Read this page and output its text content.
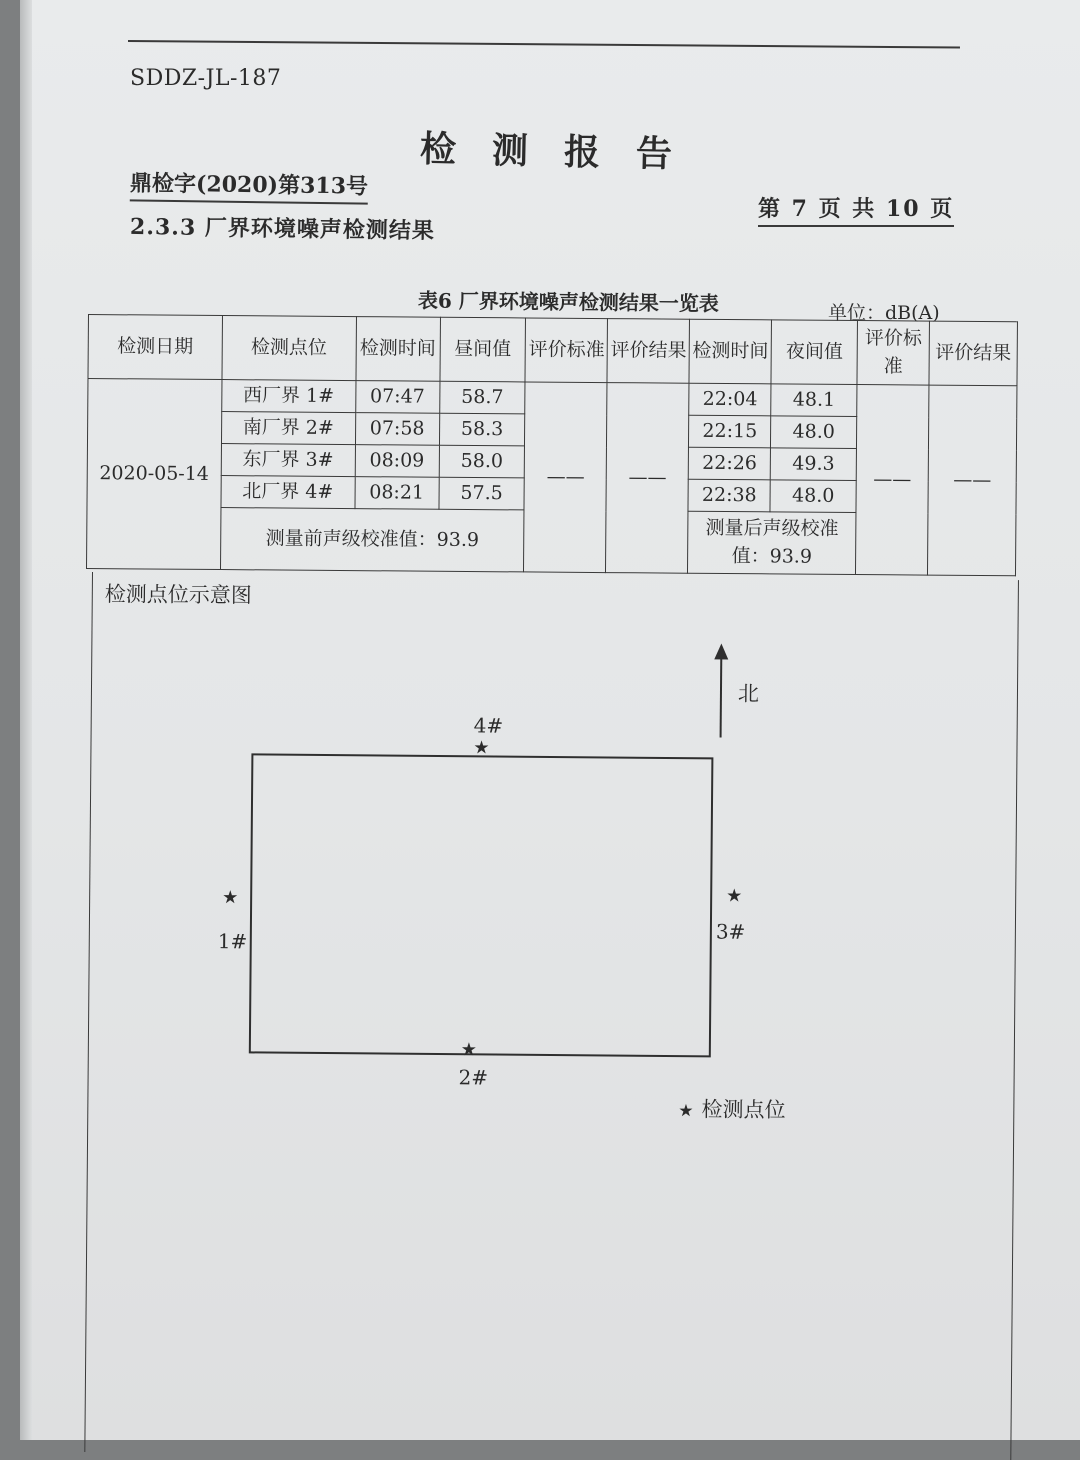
SDDZ-JL-187
检测报告
鼎检字(2020)第313号
第 7 页 共 10 页
2.3.3 厂界环境噪声检测结果
表6 厂界环境噪声检测结果一览表	单位：dB(A)
检测日期	检测点位	检测时间	昼间值	评价标准	评价结果	检测时间	夜间值	评价标准	评价结果
2020-05-14	西厂界 1#	07:47	58.7	——	——	22:04	48.1	——	——
	南厂界 2#	07:58	58.3			22:15	48.0		
	东厂界 3#	08:09	58.0			22:26	49.3		
	北厂界 4#	08:21	57.5			22:38	48.0		
	测量前声级校准值：93.9					测量后声级校准
值：93.9			
检测点位示意图
北
4#
★
★
1#
★
3#
★
2#
★ 检测点位
